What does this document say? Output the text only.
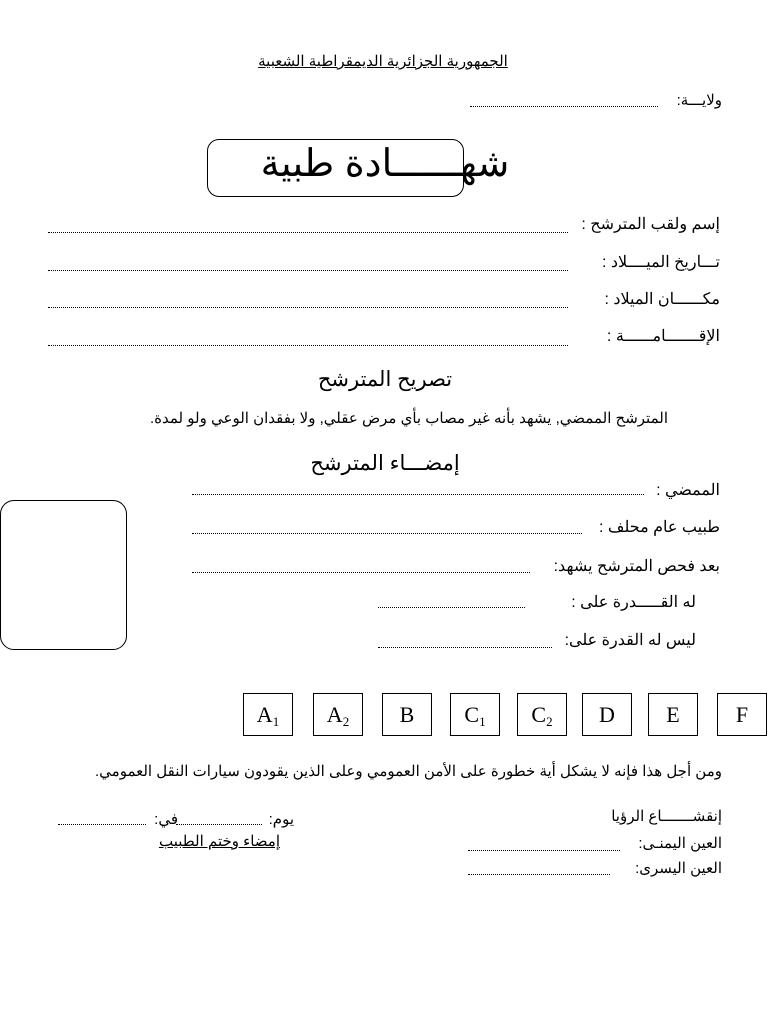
الجمهورية الجزائرية الديمقراطية الشعبية
ولايـــة:
شهــــــادة طبية
إسم ولقب المترشح :
تـــاريخ الميــــلاد :
مكــــــان الميلاد :
الإقـــــــامــــــة :
تصريح المترشح
المترشح الممضي, يشهد بأنه غير مصاب بأي مرض عقلي, ولا بفقدان الوعي ولو لمدة.
إمضـــاء المترشح
الممضي :
طبيب عام محلف :
بعد فحص المترشح يشهد:
له القـــــدرة على :
ليس له القدرة على:
$A_1$	$A_2$	B	$C_1$	$C_2$	D	E	F
ومن أجل هذا فإنه لا يشكل أية خطورة على الأمن العمومي وعلى الذين يقودون سيارات النقل العمومي.
إنقشـــــــاع الرؤيا
العين اليمنـى:
العين اليسرى:
يوم:
في:
إمضاء وختم الطبيب
